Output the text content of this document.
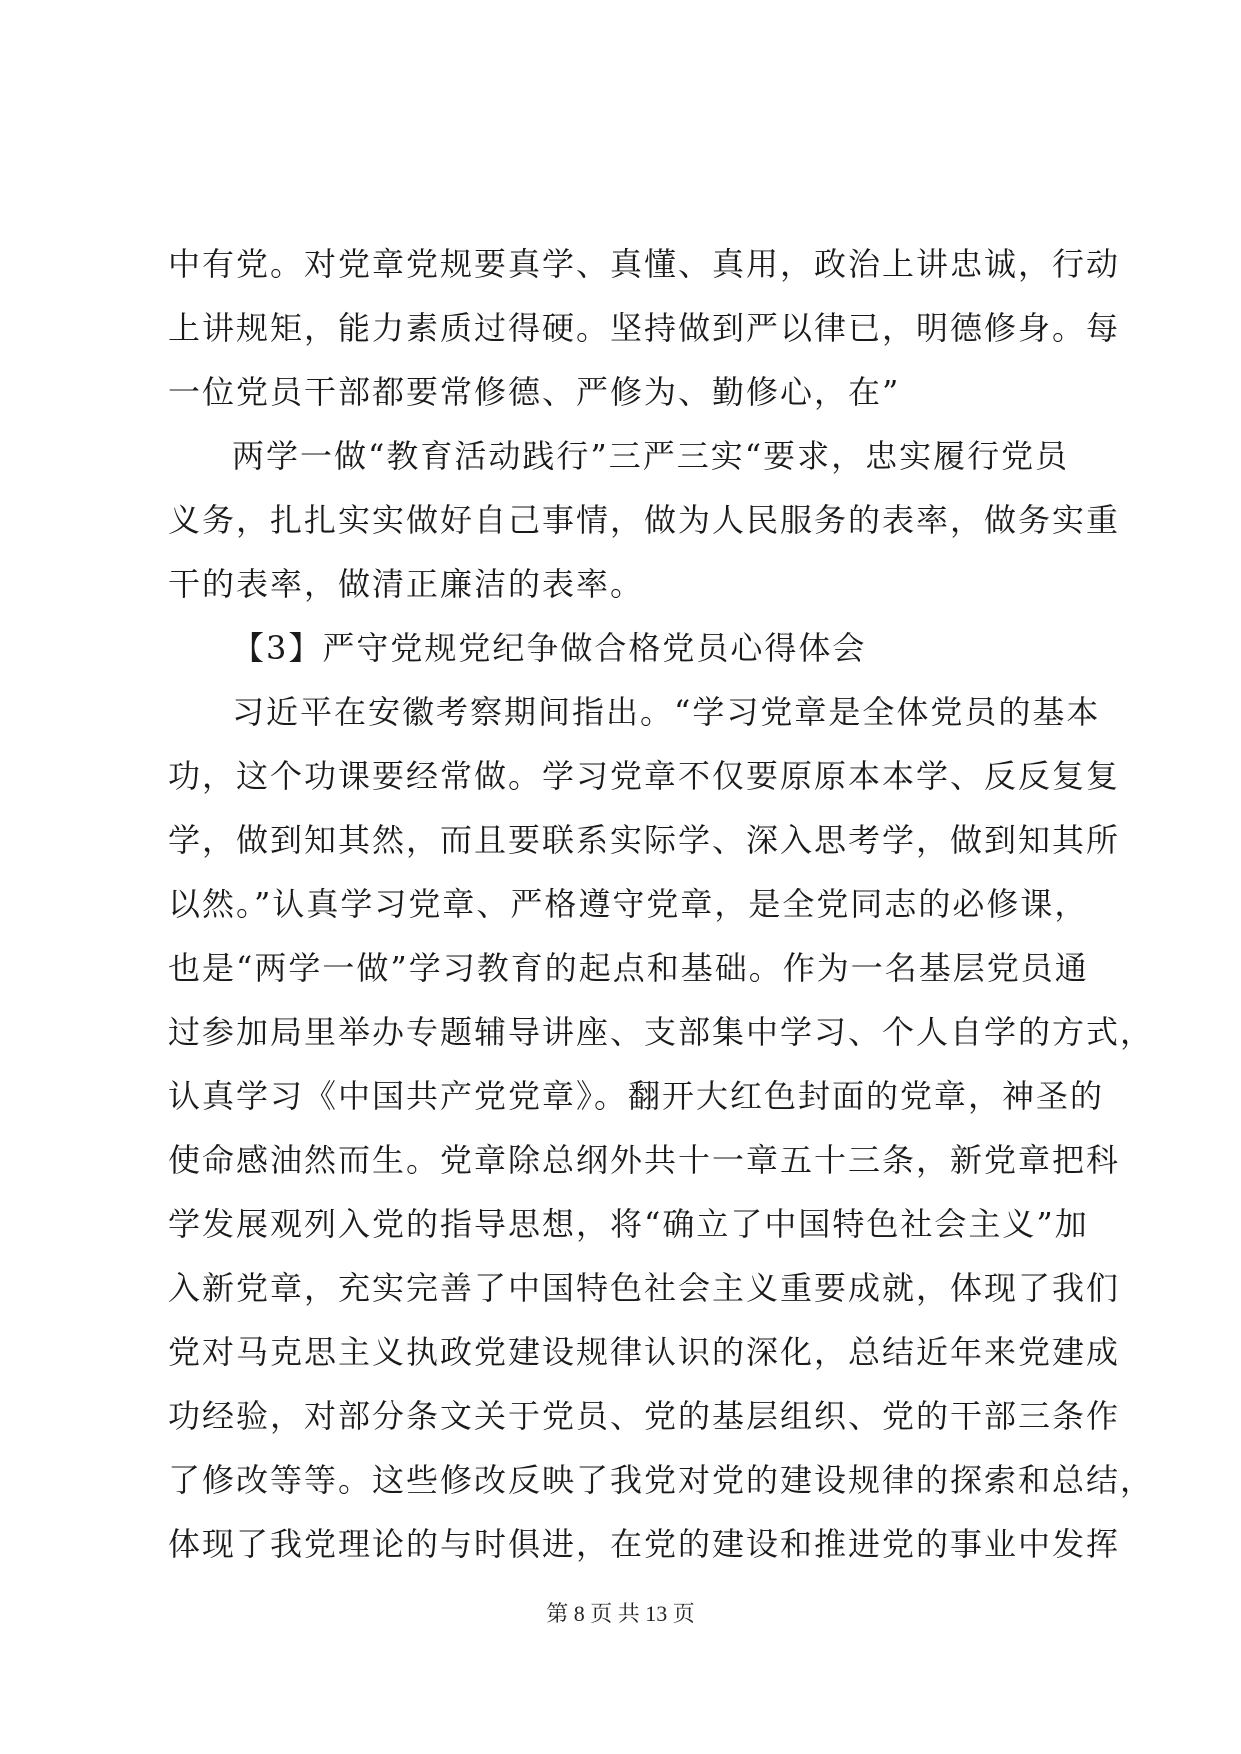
中有党。对党章党规要真学、真懂、真用，政治上讲忠诚，行动
上讲规矩，能力素质过得硬。坚持做到严以律已，明德修身。每
一位党员干部都要常修德、严修为、勤修心，在”
两学一做“教育活动践行”三严三实“要求，忠实履行党员
义务，扎扎实实做好自己事情，做为人民服务的表率，做务实重
干的表率，做清正廉洁的表率。
【3】严守党规党纪争做合格党员心得体会
习近平在安徽考察期间指出。“学习党章是全体党员的基本
功，这个功课要经常做。学习党章不仅要原原本本学、反反复复
学，做到知其然，而且要联系实际学、深入思考学，做到知其所
以然。”认真学习党章、严格遵守党章，是全党同志的必修课，
也是“两学一做”学习教育的起点和基础。作为一名基层党员通
过参加局里举办专题辅导讲座、支部集中学习、个人自学的方式，
认真学习《中国共产党党章》。翻开大红色封面的党章，神圣的
使命感油然而生。党章除总纲外共十一章五十三条，新党章把科
学发展观列入党的指导思想，将“确立了中国特色社会主义”加
入新党章，充实完善了中国特色社会主义重要成就，体现了我们
党对马克思主义执政党建设规律认识的深化，总结近年来党建成
功经验，对部分条文关于党员、党的基层组织、党的干部三条作
了修改等等。这些修改反映了我党对党的建设规律的探索和总结，
体现了我党理论的与时俱进，在党的建设和推进党的事业中发挥
第 8 页 共 13 页
